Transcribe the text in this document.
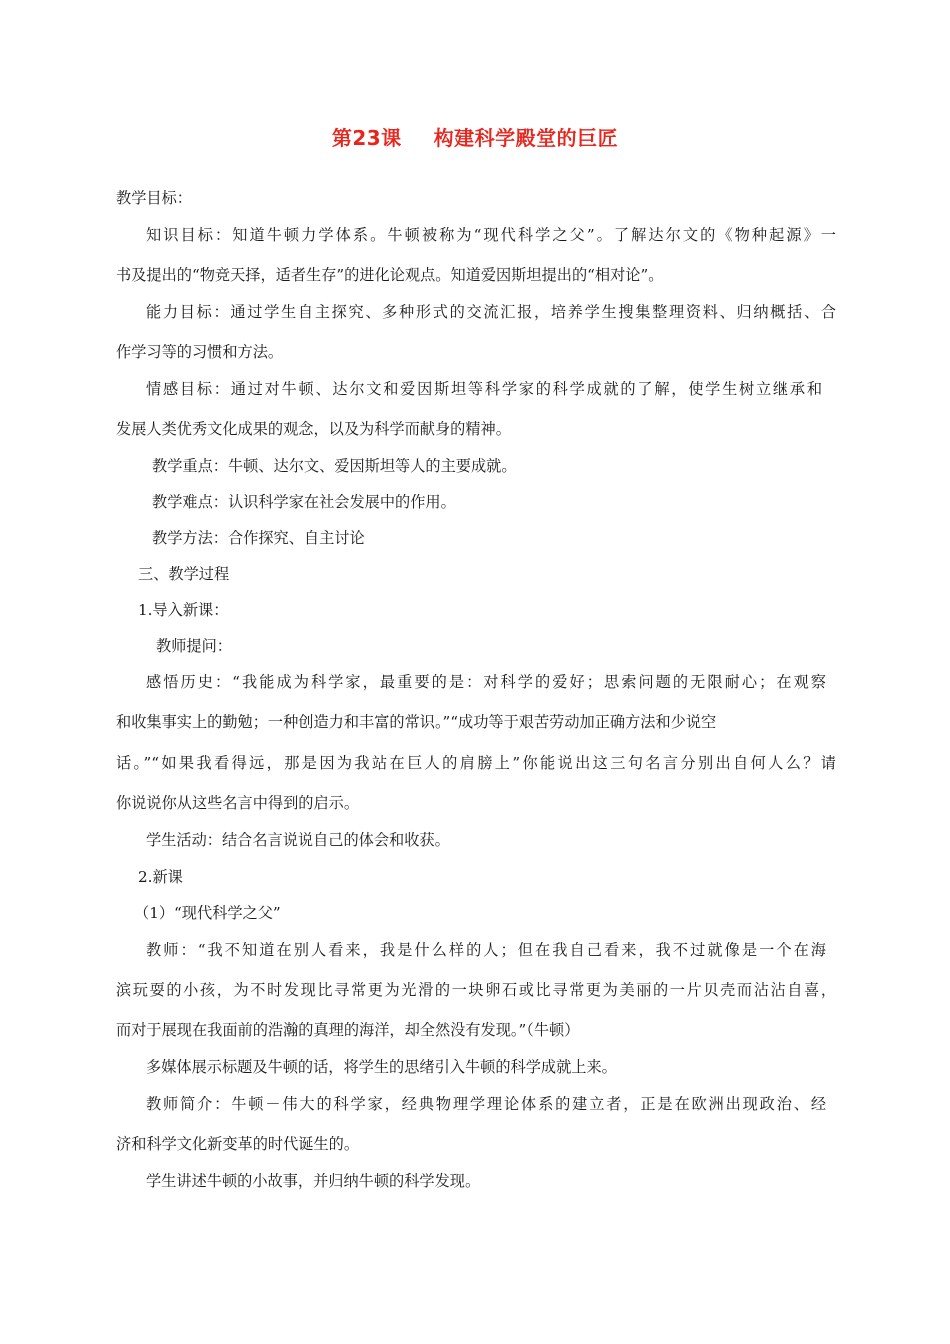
第23课 构建科学殿堂的巨匠
教学目标：
知识目标：知道牛顿力学体系。牛顿被称为“现代科学之父”。了解达尔文的《物种起源》一
书及提出的“物竞天择，适者生存”的进化论观点。知道爱因斯坦提出的“相对论”。
能力目标：通过学生自主探究、多种形式的交流汇报，培养学生搜集整理资料、归纳概括、合
作学习等的习惯和方法。
情感目标：通过对牛顿、达尔文和爱因斯坦等科学家的科学成就的了解，使学生树立继承和
发展人类优秀文化成果的观念，以及为科学而献身的精神。
教学重点：牛顿、达尔文、爱因斯坦等人的主要成就。
教学难点：认识科学家在社会发展中的作用。
教学方法：合作探究、自主讨论
三、教学过程
1.导入新课：
教师提问：
感悟历史：“我能成为科学家，最重要的是：对科学的爱好；思索问题的无限耐心；在观察
和收集事实上的勤勉；一种创造力和丰富的常识。”“成功等于艰苦劳动加正确方法和少说空
话。”“如果我看得远，那是因为我站在巨人的肩膀上”你能说出这三句名言分别出自何人么？请
你说说你从这些名言中得到的启示。
学生活动：结合名言说说自己的体会和收获。
2.新课
（1）“现代科学之父”
教师：“我不知道在别人看来，我是什么样的人；但在我自己看来，我不过就像是一个在海
滨玩耍的小孩，为不时发现比寻常更为光滑的一块卵石或比寻常更为美丽的一片贝壳而沾沾自喜，
而对于展现在我面前的浩瀚的真理的海洋，却全然没有发现。”（牛顿）
多媒体展示标题及牛顿的话，将学生的思绪引入牛顿的科学成就上来。
教师简介：牛顿－伟大的科学家，经典物理学理论体系的建立者，正是在欧洲出现政治、经
济和科学文化新变革的时代诞生的。
学生讲述牛顿的小故事，并归纳牛顿的科学发现。
